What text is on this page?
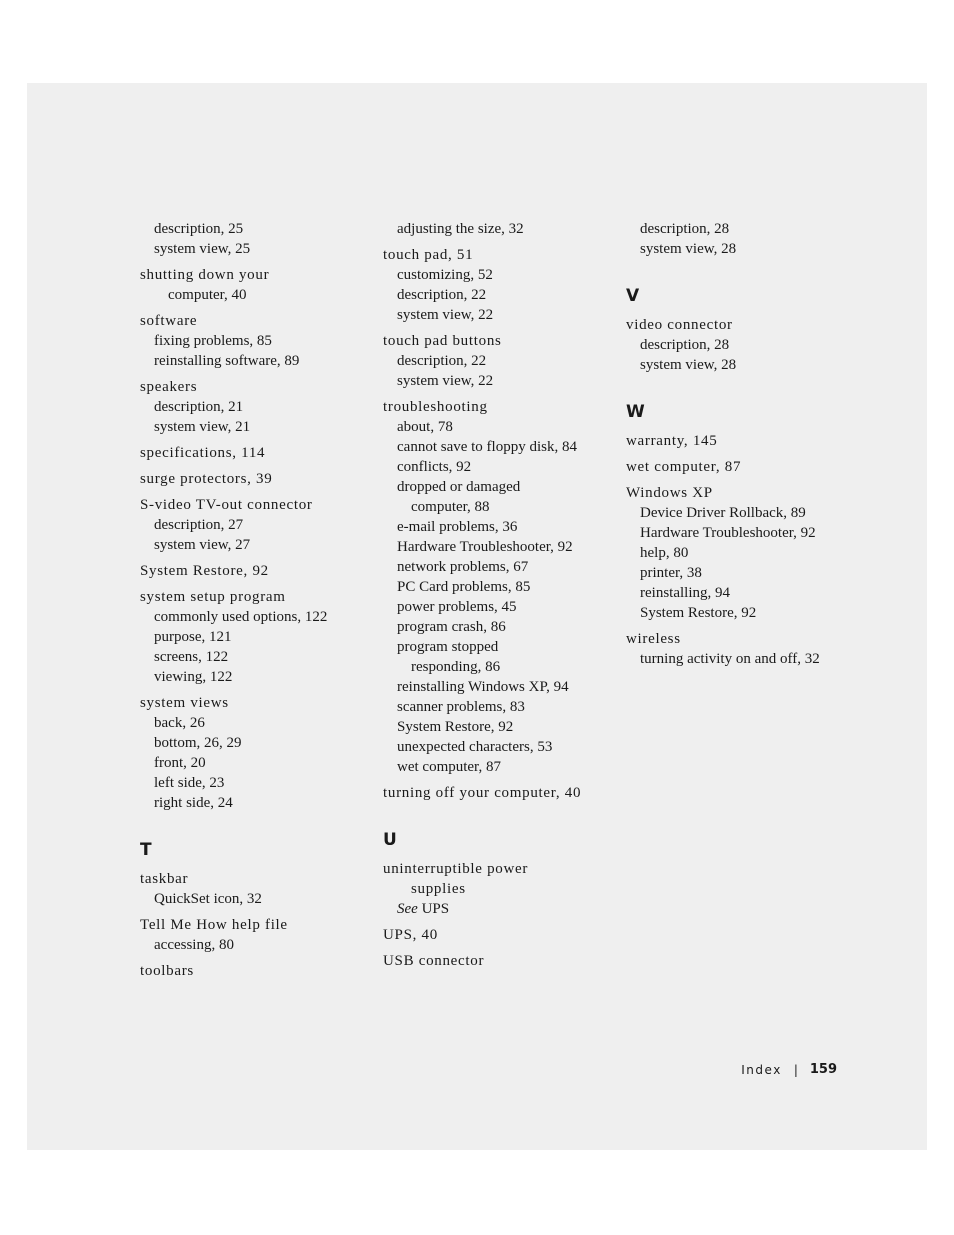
description, 25
system view, 25
shutting down your
computer, 40
software
fixing problems, 85
reinstalling software, 89
speakers
description, 21
system view, 21
specifications, 114
surge protectors, 39
S-video TV-out connector
description, 27
system view, 27
System Restore, 92
system setup program
commonly used options, 122
purpose, 121
screens, 122
viewing, 122
system views
back, 26
bottom, 26, 29
front, 20
left side, 23
right side, 24
T
taskbar
QuickSet icon, 32
Tell Me How help file
accessing, 80
toolbars
adjusting the size, 32
touch pad, 51
customizing, 52
description, 22
system view, 22
touch pad buttons
description, 22
system view, 22
troubleshooting
about, 78
cannot save to floppy disk, 84
conflicts, 92
dropped or damaged
computer, 88
e-mail problems, 36
Hardware Troubleshooter, 92
network problems, 67
PC Card problems, 85
power problems, 45
program crash, 86
program stopped
responding, 86
reinstalling Windows XP, 94
scanner problems, 83
System Restore, 92
unexpected characters, 53
wet computer, 87
turning off your computer, 40
U
uninterruptible power
supplies
See UPS
UPS, 40
USB connector
description, 28
system view, 28
V
video connector
description, 28
system view, 28
W
warranty, 145
wet computer, 87
Windows XP
Device Driver Rollback, 89
Hardware Troubleshooter, 92
help, 80
printer, 38
reinstalling, 94
System Restore, 92
wireless
turning activity on and off, 32
Index | 159
